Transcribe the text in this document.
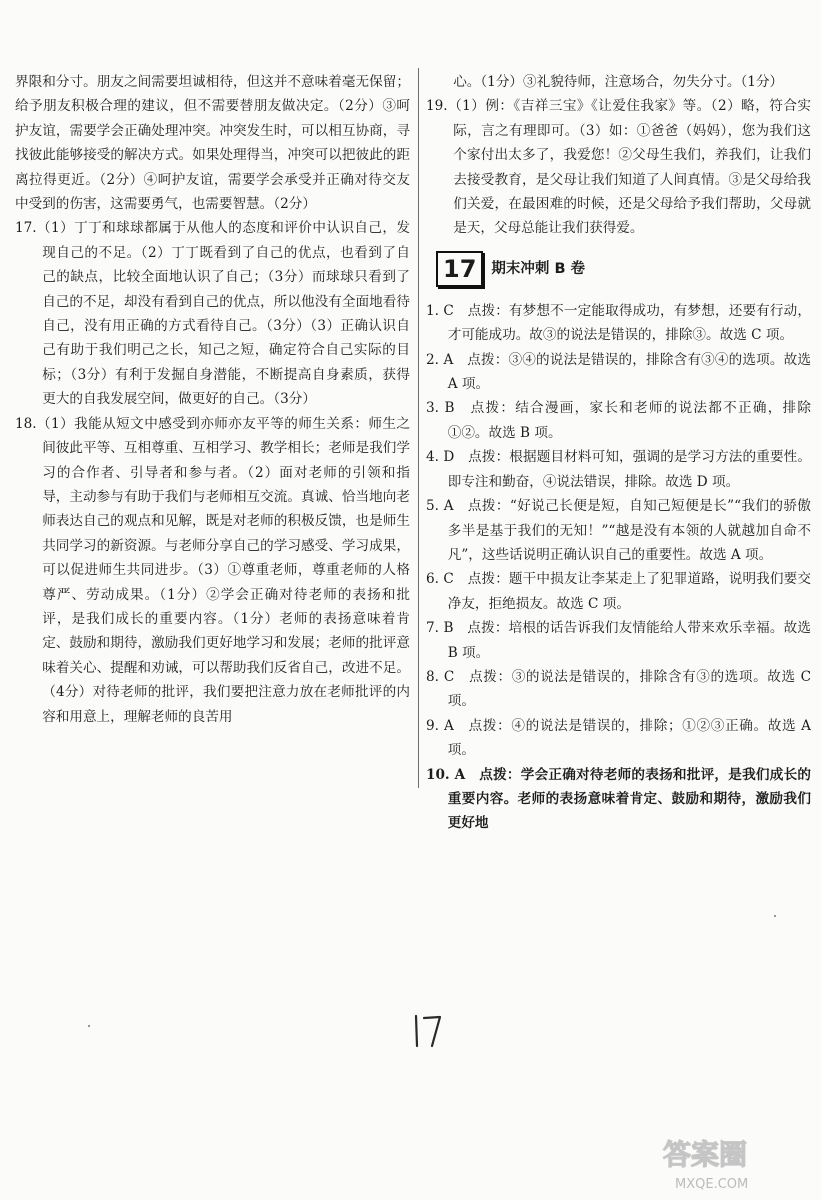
界限和分寸。朋友之间需要坦诚相待，但这并不意味着毫无保留；给予朋友积极合理的建议，但不需要替朋友做决定。（2分）③呵护友谊，需要学会正确处理冲突。冲突发生时，可以相互协商，寻找彼此能够接受的解决方式。如果处理得当，冲突可以把彼此的距离拉得更近。（2分）④呵护友谊，需要学会承受并正确对待交友中受到的伤害，这需要勇气，也需要智慧。（2分）

17.（1）丁丁和球球都属于从他人的态度和评价中认识自己，发现自己的不足。（2）丁丁既看到了自己的优点，也看到了自己的缺点，比较全面地认识了自己；（3分）而球球只看到了自己的不足，却没有看到自己的优点，所以他没有全面地看待自己，没有用正确的方式看待自己。（3分）（3）正确认识自己有助于我们明己之长，知己之短，确定符合自己实际的目标；（3分）有利于发掘自身潜能，不断提高自身素质，获得更大的自我发展空间，做更好的自己。（3分）

18.（1）我能从短文中感受到亦师亦友平等的师生关系：师生之间彼此平等、互相尊重、互相学习、教学相长；老师是我们学习的合作者、引导者和参与者。（2）面对老师的引领和指导，主动参与有助于我们与老师相互交流。真诚、恰当地向老师表达自己的观点和见解，既是对老师的积极反馈，也是师生共同学习的新资源。与老师分享自己的学习感受、学习成果，可以促进师生共同进步。（3）①尊重老师，尊重老师的人格尊严、劳动成果。（1分）②学会正确对待老师的表扬和批评，是我们成长的重要内容。（1分）老师的表扬意味着肯定、鼓励和期待，激励我们更好地学习和发展；老师的批评意味着关心、提醒和劝诫，可以帮助我们反省自己，改进不足。（4分）对待老师的批评，我们要把注意力放在老师批评的内容和用意上，理解老师的良苦用

心。（1分）③礼貌待师，注意场合，勿失分寸。（1分）

19.（1）例：《吉祥三宝》《让爱住我家》等。（2）略，符合实际，言之有理即可。（3）如：①爸爸（妈妈），您为我们这个家付出太多了，我爱您！②父母生我们，养我们，让我们去接受教育，是父母让我们知道了人间真情。③是父母给我们关爱，在最困难的时候，还是父母给予我们帮助，父母就是天，父母总能让我们获得爱。

17	期末冲刺 B 卷

1. C　点拨：有梦想不一定能取得成功，有梦想，还要有行动，才可能成功。故③的说法是错误的，排除③。故选 C 项。

2. A　点拨：③④的说法是错误的，排除含有③④的选项。故选 A 项。

3. B　点拨：结合漫画，家长和老师的说法都不正确，排除①②。故选 B 项。

4. D　点拨：根据题目材料可知，强调的是学习方法的重要性。即专注和勤奋，④说法错误，排除。故选 D 项。

5. A　点拨：“好说己长便是短，自知己短便是长”“我们的骄傲多半是基于我们的无知！”“越是没有本领的人就越加自命不凡”，这些话说明正确认识自己的重要性。故选 A 项。

6. C　点拨：题干中损友让李某走上了犯罪道路，说明我们要交净友，拒绝损友。故选 C 项。

7. B　点拨：培根的话告诉我们友情能给人带来欢乐幸福。故选 B 项。

8. C　点拨：③的说法是错误的，排除含有③的选项。故选 C 项。

9. A　点拨：④的说法是错误的，排除；①②③正确。故选 A 项。

10. A　点拨：学会正确对待老师的表扬和批评，是我们成长的重要内容。老师的表扬意味着肯定、鼓励和期待，激励我们更好地

答案圈
MXQE.COM
